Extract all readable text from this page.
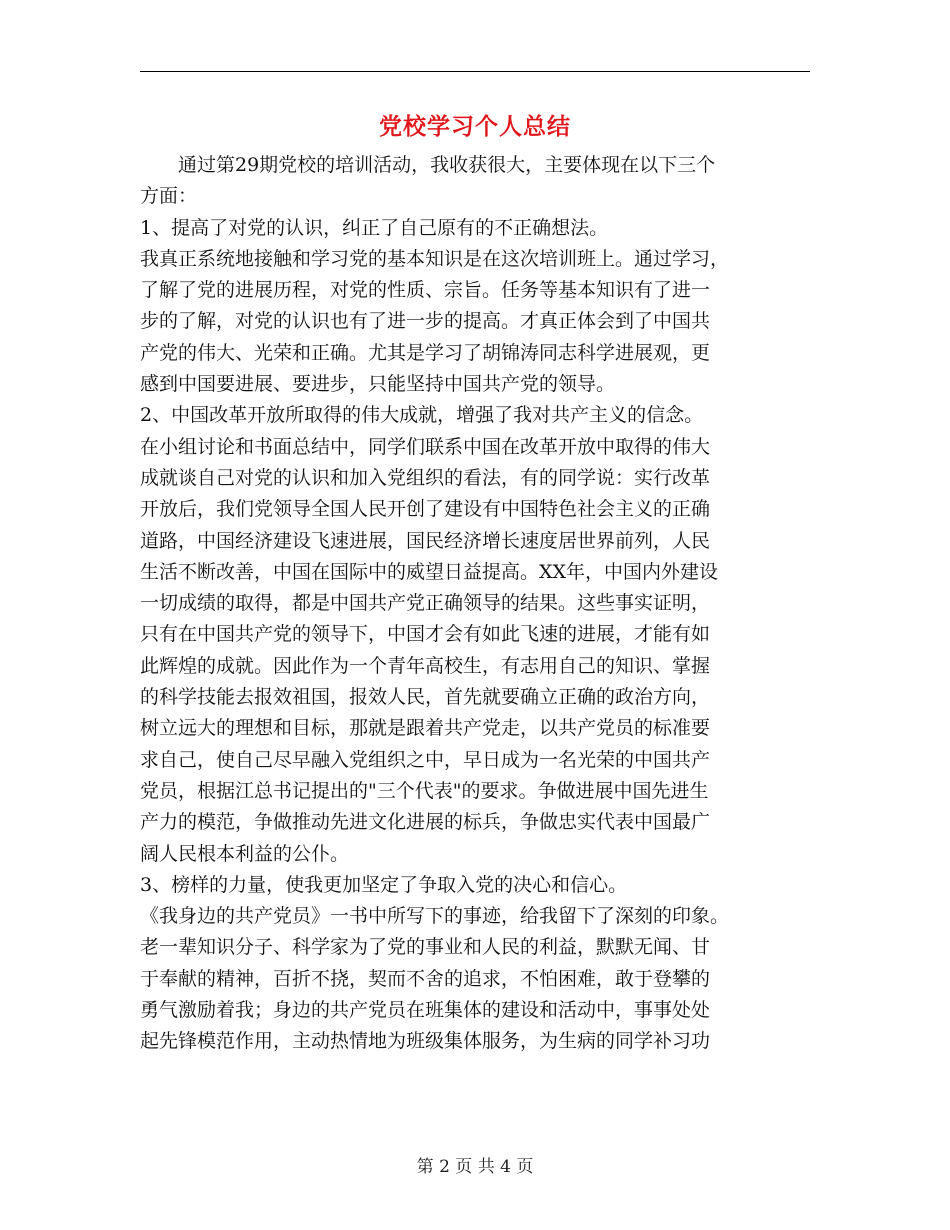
党校学习个人总结
　　通过第29期党校的培训活动，我收获很大，主要体现在以下三个
方面：
1、提高了对党的认识，纠正了自己原有的不正确想法。
我真正系统地接触和学习党的基本知识是在这次培训班上。通过学习，
了解了党的进展历程，对党的性质、宗旨。任务等基本知识有了进一
步的了解，对党的认识也有了进一步的提高。才真正体会到了中国共
产党的伟大、光荣和正确。尤其是学习了胡锦涛同志科学进展观，更
感到中国要进展、要进步，只能坚持中国共产党的领导。
2、中国改革开放所取得的伟大成就，增强了我对共产主义的信念。
在小组讨论和书面总结中，同学们联系中国在改革开放中取得的伟大
成就谈自己对党的认识和加入党组织的看法，有的同学说：实行改革
开放后，我们党领导全国人民开创了建设有中国特色社会主义的正确
道路，中国经济建设飞速进展，国民经济增长速度居世界前列，人民
生活不断改善，中国在国际中的威望日益提高。XX年，中国内外建设
一切成绩的取得，都是中国共产党正确领导的结果。这些事实证明，
只有在中国共产党的领导下，中国才会有如此飞速的进展，才能有如
此辉煌的成就。因此作为一个青年高校生，有志用自己的知识、掌握
的科学技能去报效祖国，报效人民，首先就要确立正确的政治方向，
树立远大的理想和目标，那就是跟着共产党走，以共产党员的标准要
求自己，使自己尽早融入党组织之中，早日成为一名光荣的中国共产
党员，根据江总书记提出的"三个代表"的要求。争做进展中国先进生
产力的模范，争做推动先进文化进展的标兵，争做忠实代表中国最广
阔人民根本利益的公仆。
3、榜样的力量，使我更加坚定了争取入党的决心和信心。
《我身边的共产党员》一书中所写下的事迹，给我留下了深刻的印象。
老一辈知识分子、科学家为了党的事业和人民的利益，默默无闻、甘
于奉献的精神，百折不挠，契而不舍的追求，不怕困难，敢于登攀的
勇气激励着我；身边的共产党员在班集体的建设和活动中，事事处处
起先锋模范作用，主动热情地为班级集体服务，为生病的同学补习功
第 2 页 共 4 页
